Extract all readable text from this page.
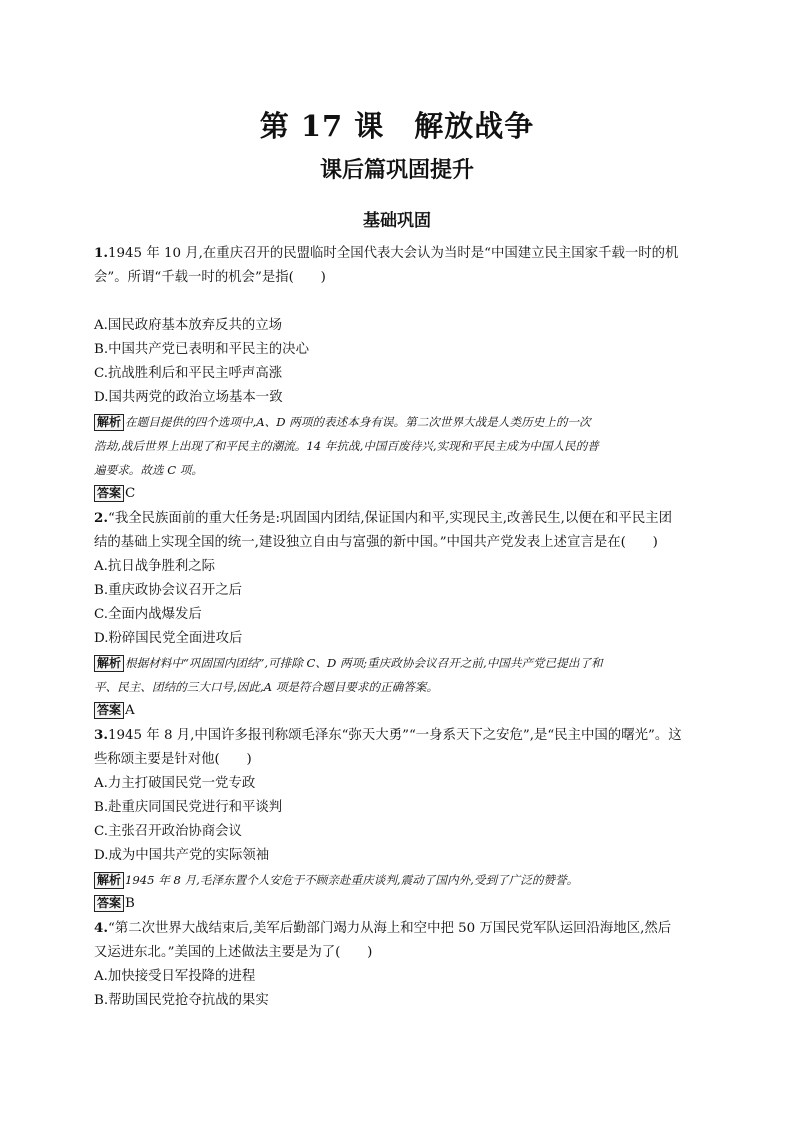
第 17 课　解放战争
课后篇巩固提升
基础巩固
1.1945 年 10 月,在重庆召开的民盟临时全国代表大会认为当时是“中国建立民主国家千载一时的机
会”。所谓“千载一时的机会”是指(　　)
A.国民政府基本放弃反共的立场
B.中国共产党已表明和平民主的决心
C.抗战胜利后和平民主呼声高涨
D.国共两党的政治立场基本一致
解析 在题目提供的四个选项中,A、D 两项的表述本身有误。第二次世界大战是人类历史上的一次
浩劫,战后世界上出现了和平民主的潮流。14 年抗战,中国百废待兴,实现和平民主成为中国人民的普
遍要求。故选 C 项。
答案 C
2.“我全民族面前的重大任务是:巩固国内团结,保证国内和平,实现民主,改善民生,以便在和平民主团
结的基础上实现全国的统一,建设独立自由与富强的新中国。”中国共产党发表上述宣言是在(　　)
A.抗日战争胜利之际
B.重庆政协会议召开之后
C.全面内战爆发后
D.粉碎国民党全面进攻后
解析 根据材料中“巩固国内团结”,可排除 C、D 两项;重庆政协会议召开之前,中国共产党已提出了和
平、民主、团结的三大口号,因此,A 项是符合题目要求的正确答案。
答案 A
3.1945 年 8 月,中国许多报刊称颂毛泽东“弥天大勇”“一身系天下之安危”,是“民主中国的曙光”。这
些称颂主要是针对他(　　)
A.力主打破国民党一党专政
B.赴重庆同国民党进行和平谈判
C.主张召开政治协商会议
D.成为中国共产党的实际领袖
解析 1945 年 8 月,毛泽东置个人安危于不顾亲赴重庆谈判,震动了国内外,受到了广泛的赞誉。
答案 B
4.“第二次世界大战结束后,美军后勤部门竭力从海上和空中把 50 万国民党军队运回沿海地区,然后
又运进东北。”美国的上述做法主要是为了(　　)
A.加快接受日军投降的进程
B.帮助国民党抢夺抗战的果实
